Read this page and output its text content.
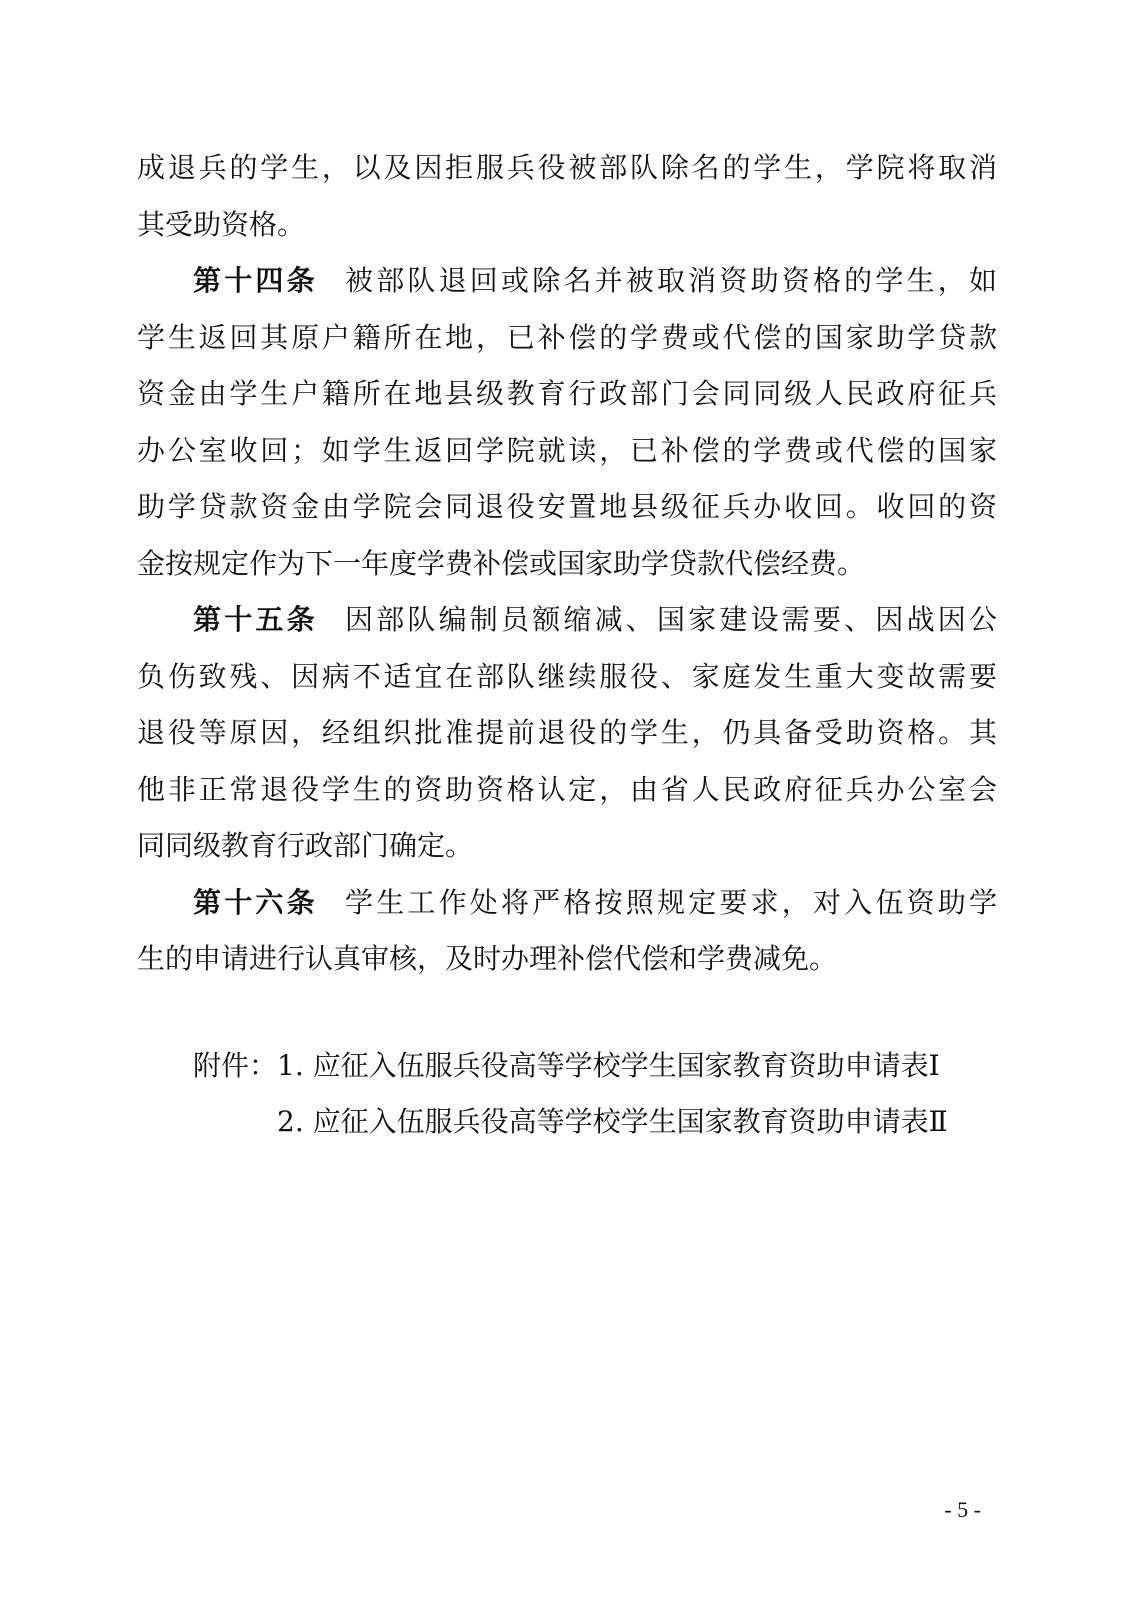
成退兵的学生，以及因拒服兵役被部队除名的学生，学院将取消
其受助资格。
第十四条 被部队退回或除名并被取消资助资格的学生，如
学生返回其原户籍所在地，已补偿的学费或代偿的国家助学贷款
资金由学生户籍所在地县级教育行政部门会同同级人民政府征兵
办公室收回；如学生返回学院就读，已补偿的学费或代偿的国家
助学贷款资金由学院会同退役安置地县级征兵办收回。收回的资
金按规定作为下一年度学费补偿或国家助学贷款代偿经费。
第十五条 因部队编制员额缩减、国家建设需要、因战因公
负伤致残、因病不适宜在部队继续服役、家庭发生重大变故需要
退役等原因，经组织批准提前退役的学生，仍具备受助资格。其
他非正常退役学生的资助资格认定，由省人民政府征兵办公室会
同同级教育行政部门确定。
第十六条 学生工作处将严格按照规定要求，对入伍资助学
生的申请进行认真审核，及时办理补偿代偿和学费减免。
附件：1. 应征入伍服兵役高等学校学生国家教育资助申请表Ⅰ
2. 应征入伍服兵役高等学校学生国家教育资助申请表Ⅱ
- 5 -
